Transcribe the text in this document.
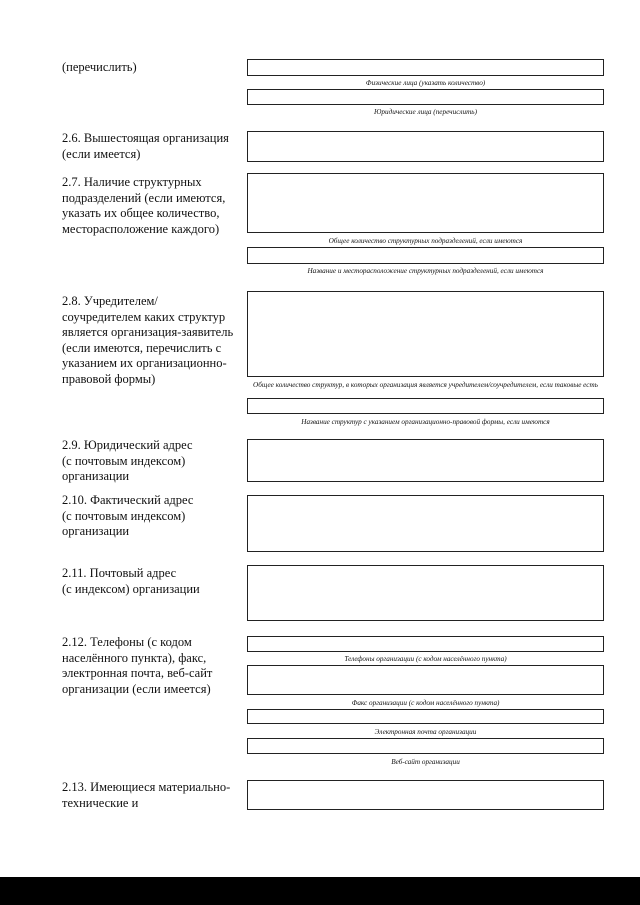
(перечислить)
Физические лица (указать количество)
Юридические лица (перечислить)
2.6. Вышестоящая организация
(если имеется)
2.7. Наличие структурных
подразделений (если имеются,
указать их общее количество,
месторасположение каждого)
Общее количество структурных подразделений, если имеются
Название и месторасположение структурных подразделений, если имеются
2.8. Учредителем/
соучредителем каких структур
является организация-заявитель
(если имеются, перечислить с
указанием их организационно-
правовой формы)	Общее количество структур, в которых организация является учредителем/соучредителем, если таковые есть
Название структур с указанием организационно-правовой формы, если имеются
2.9. Юридический адрес
(с почтовым индексом)
организации
2.10. Фактический адрес
(с почтовым индексом)
организации
2.11. Почтовый адрес
(с индексом) организации
2.12. Телефоны (с кодом
населённого пункта), факс,
электронная почта, веб-сайт
организации (если имеется)
Телефоны организации (с кодом населённого пункта)
Факс организации (с кодом населённого пункта)
Электронная почта организации
Веб-сайт организации
2.13. Имеющиеся материально-
технические и
